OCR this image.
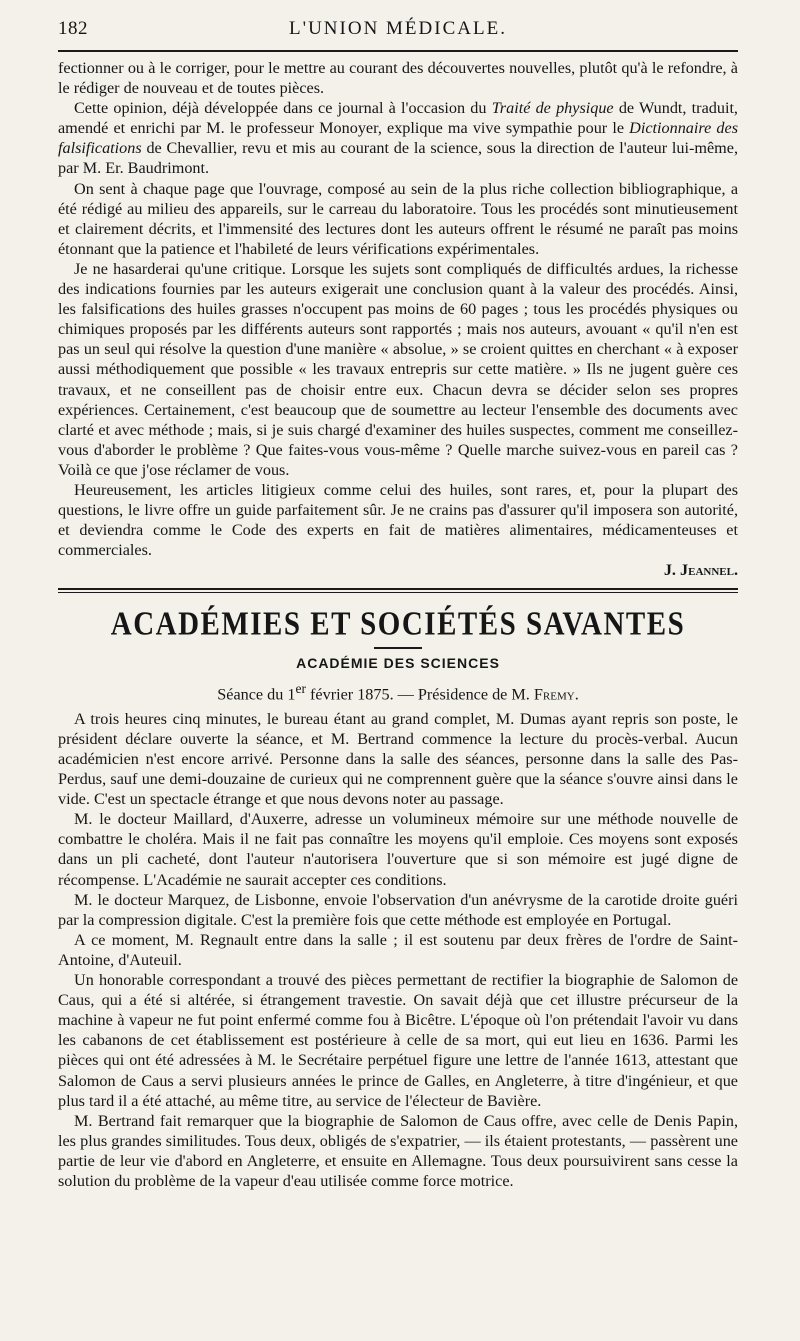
182	L'UNION MÉDICALE.

fectionner ou à le corriger, pour le mettre au courant des découvertes nouvelles, plutôt qu'à le refondre, à le rédiger de nouveau et de toutes pièces.

Cette opinion, déjà développée dans ce journal à l'occasion du Traité de physique de Wundt, traduit, amendé et enrichi par M. le professeur Monoyer, explique ma vive sympathie pour le Dictionnaire des falsifications de Chevallier, revu et mis au courant de la science, sous la direction de l'auteur lui-même, par M. Er. Baudrimont.

On sent à chaque page que l'ouvrage, composé au sein de la plus riche collection bibliographique, a été rédigé au milieu des appareils, sur le carreau du laboratoire. Tous les procédés sont minutieusement et clairement décrits, et l'immensité des lectures dont les auteurs offrent le résumé ne paraît pas moins étonnant que la patience et l'habileté de leurs vérifications expérimentales.

Je ne hasarderai qu'une critique. Lorsque les sujets sont compliqués de difficultés ardues, la richesse des indications fournies par les auteurs exigerait une conclusion quant à la valeur des procédés. Ainsi, les falsifications des huiles grasses n'occupent pas moins de 60 pages ; tous les procédés physiques ou chimiques proposés par les différents auteurs sont rapportés ; mais nos auteurs, avouant « qu'il n'en est pas un seul qui résolve la question d'une manière « absolue, » se croient quittes en cherchant « à exposer aussi méthodiquement que possible « les travaux entrepris sur cette matière. » Ils ne jugent guère ces travaux, et ne conseillent pas de choisir entre eux. Chacun devra se décider selon ses propres expériences. Certainement, c'est beaucoup que de soumettre au lecteur l'ensemble des documents avec clarté et avec méthode ; mais, si je suis chargé d'examiner des huiles suspectes, comment me conseillez-vous d'aborder le problème ? Que faites-vous vous-même ? Quelle marche suivez-vous en pareil cas ? Voilà ce que j'ose réclamer de vous.

Heureusement, les articles litigieux comme celui des huiles, sont rares, et, pour la plupart des questions, le livre offre un guide parfaitement sûr. Je ne crains pas d'assurer qu'il imposera son autorité, et deviendra comme le Code des experts en fait de matières alimentaires, médicamenteuses et commerciales.

J. Jeannel.

ACADÉMIES ET SOCIÉTÉS SAVANTES
ACADÉMIE DES SCIENCES

Séance du 1er février 1875. — Présidence de M. Fremy.

A trois heures cinq minutes, le bureau étant au grand complet, M. Dumas ayant repris son poste, le président déclare ouverte la séance, et M. Bertrand commence la lecture du procès-verbal. Aucun académicien n'est encore arrivé. Personne dans la salle des séances, personne dans la salle des Pas-Perdus, sauf une demi-douzaine de curieux qui ne comprennent guère que la séance s'ouvre ainsi dans le vide. C'est un spectacle étrange et que nous devons noter au passage.

M. le docteur Maillard, d'Auxerre, adresse un volumineux mémoire sur une méthode nouvelle de combattre le choléra. Mais il ne fait pas connaître les moyens qu'il emploie. Ces moyens sont exposés dans un pli cacheté, dont l'auteur n'autorisera l'ouverture que si son mémoire est jugé digne de récompense. L'Académie ne saurait accepter ces conditions.

M. le docteur Marquez, de Lisbonne, envoie l'observation d'un anévrysme de la carotide droite guéri par la compression digitale. C'est la première fois que cette méthode est employée en Portugal.

A ce moment, M. Regnault entre dans la salle ; il est soutenu par deux frères de l'ordre de Saint-Antoine, d'Auteuil.

Un honorable correspondant a trouvé des pièces permettant de rectifier la biographie de Salomon de Caus, qui a été si altérée, si étrangement travestie. On savait déjà que cet illustre précurseur de la machine à vapeur ne fut point enfermé comme fou à Bicêtre. L'époque où l'on prétendait l'avoir vu dans les cabanons de cet établissement est postérieure à celle de sa mort, qui eut lieu en 1636. Parmi les pièces qui ont été adressées à M. le Secrétaire perpétuel figure une lettre de l'année 1613, attestant que Salomon de Caus a servi plusieurs années le prince de Galles, en Angleterre, à titre d'ingénieur, et que plus tard il a été attaché, au même titre, au service de l'électeur de Bavière.

M. Bertrand fait remarquer que la biographie de Salomon de Caus offre, avec celle de Denis Papin, les plus grandes similitudes. Tous deux, obligés de s'expatrier, — ils étaient protestants, — passèrent une partie de leur vie d'abord en Angleterre, et ensuite en Allemagne. Tous deux poursuivirent sans cesse la solution du problème de la vapeur d'eau utilisée comme force motrice.
